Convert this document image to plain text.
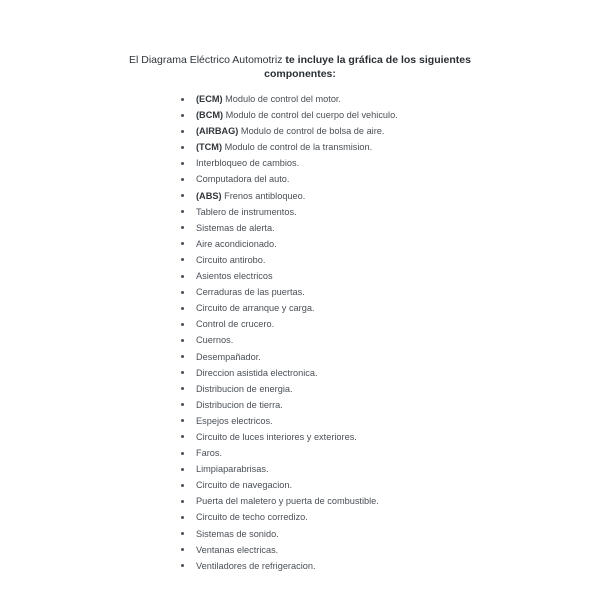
El Diagrama Eléctrico Automotriz te incluye la gráfica de los siguientes componentes:

(ECM) Modulo de control del motor.
(BCM) Modulo de control del cuerpo del vehiculo.
(AIRBAG) Modulo de control de bolsa de aire.
(TCM) Modulo de control de la transmision.
Interbloqueo de cambios.
Computadora del auto.
(ABS) Frenos antibloqueo.
Tablero de instrumentos.
Sistemas de alerta.
Aire acondicionado.
Circuito antirobo.
Asientos electricos
Cerraduras de las puertas.
Circuito de arranque y carga.
Control de crucero.
Cuernos.
Desempañador.
Direccion asistida electronica.
Distribucion de energia.
Distribucion de tierra.
Espejos electricos.
Circuito de luces interiores y exteriores.
Faros.
Limpiaparabrisas.
Circuito de navegacion.
Puerta del maletero y puerta de combustible.
Circuito de techo corredizo.
Sistemas de sonido.
Ventanas electricas.
Ventiladores de refrigeracion.
